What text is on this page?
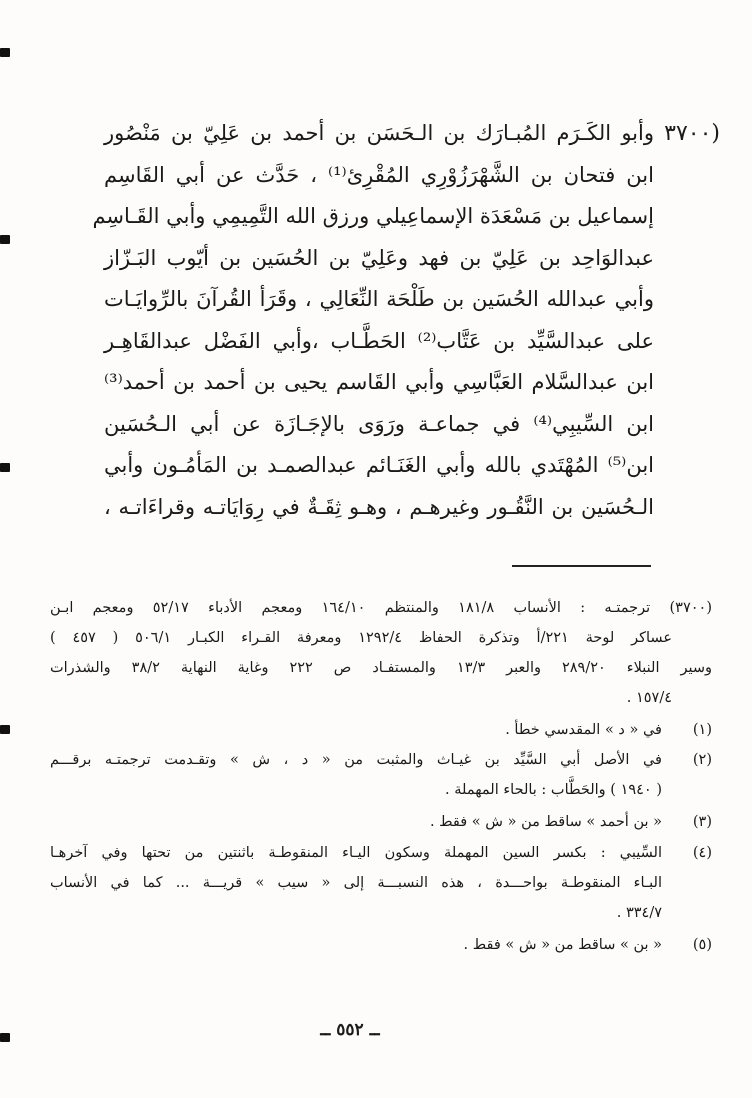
(٣٧٠٠
وأبو الكَـرَم المُبـارَك بن الـحَسَن بن أحمد بن عَلِيّ بن مَنْصُور
ابن فتحان بن الشَّهْرَزُوْرِي المُقْرِئ⁽¹⁾ ، حَدَّث عن أبي القَاسِم
إسماعيل بن مَسْعَدَة الإسماعِيلي ورزق الله التَّمِيمِي وأبي القَـاسِم
عبدالوَاحِد بن عَلِيّ بن فهد وعَلِيّ بن الحُسَين بن أيّوب البَـزّاز
وأبي عبدالله الحُسَين بن طَلْحَة النِّعَالِي ، وقَرَأ القُرآنَ بالرِّوايَـات
على عبدالسَّيِّد بن عَتَّاب⁽²⁾ الحَطَّـاب ،وأبي الفَضْل عبدالقَاهِـر
ابن عبدالسَّلام العَبَّاسِي وأبي القَاسم يحيى بن أحمد بن أحمد⁽³⁾
ابن السِّيبِي⁽⁴⁾ في جماعـة ورَوَى بالإجَـازَة عن أبي الـحُسَين
ابن⁽⁵⁾ المُهْتَدي بالله وأبي الغَنَـائم عبدالصمـد بن المَأمُـون وأبي
الـحُسَين بن النَّقُـور وغيرهـم ، وهـو ثِقَـةٌ في رِوَايَاتـه وقراءَاتـه ،
(٣٧٠٠) ترجمتـه : الأنساب ١٨١/٨ والمنتظم ١٦٤/١٠ ومعجم الأدباء ٥٢/١٧ ومعجم ابـن
عساكر لوحة ٢٢١/أ وتذكرة الحفاظ ١٢٩٢/٤ ومعرفة القـراء الكبـار ٥٠٦/١ ( ٤٥٧ )
وسير النبلاء ٢٨٩/٢٠ والعبر ١٣/٣ والمستفـاد ص ٢٢٢ وغاية النهاية ٣٨/٢ والشذرات
١٥٧/٤ .
(١)
في « د » المقدسي خطأ .
(٢)
في الأصل أبي السَّيِّد بن غيـاث والمثبت من « د ، ش » وتقـدمت ترجمتـه برقـــم
( ١٩٤٠ ) والحَطَّاب : بالحاء المهملة .
(٣)
« بن أحمد » ساقط من « ش » فقط .
(٤)
السِّيبي : بكسر السين المهملة وسكون اليـاء المنقوطـة باثنتين من تحتها وفي آخرهـا
البـاء المنقوطـة بواحـــدة ، هذه النسبـــة إلى « سيب » قريـــة ... كما في الأنساب
٣٣٤/٧ .
(٥)
« بن » ساقط من « ش » فقط .
ــ ٥٥٢ ــ
